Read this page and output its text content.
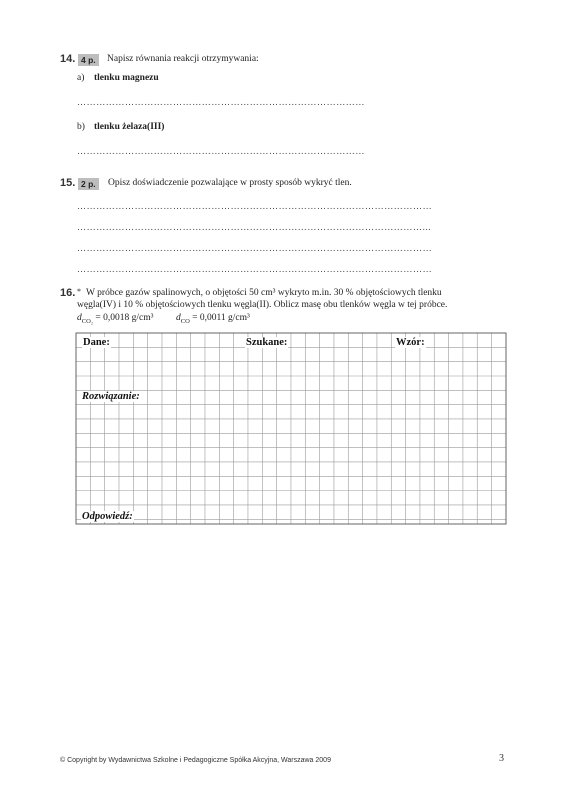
14. 4 p.	Napisz równania reakcji otrzymywania:
a) tlenku magnezu
………………………………………………………………………………
b) tlenku żelaza(III)
………………………………………………………………………………
15. 2 p.	Opisz doświadczenie pozwalające w prosty sposób wykryć tlen.
…………………………………………………………………………………………………
………………………………………………………………………………………………...
…………………………………………………………………………………………………
…………………………………………………………………………………………………
16. * W próbce gazów spalinowych, o objętości 50 cm³ wykryto m.in. 30 % objętościowych tlenku
węgla(IV) i 10 % objętościowych tlenku węgla(II). Oblicz masę obu tlenków węgla w tej próbce.
$d_{CO_2} = 0,0018$ g/cm³ $d_{CO} = 0,0011$ g/cm³
Dane:	Szukane:	Wzór:
Rozwiązanie:
Odpowiedź:
© Copyright by Wydawnictwa Szkolne i Pedagogiczne Spółka Akcyjna, Warszawa 2009	3
